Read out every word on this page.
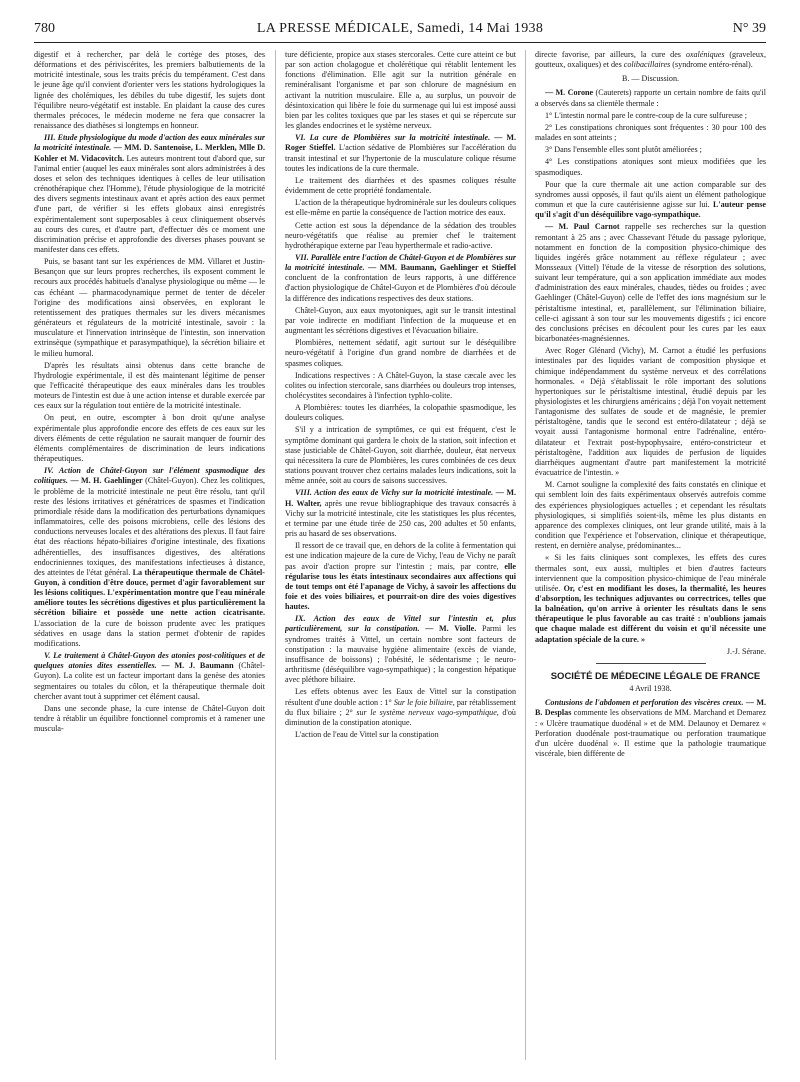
780	LA PRESSE MÉDICALE, Samedi, 14 Mai 1938	N° 39

digestif et à rechercher, par delà le cortège des ptoses, des déformations et des périviscérites, les premiers balbutiements de la motricité intestinale, sous les traits précis du tempérament. C'est dans le jeune âge qu'il convient d'orienter vers les stations hydrologiques la lignée des cholémiques, les débiles du tube digestif, les sujets dont l'équilibre neuro-végétatif est instable. En plaidant la cause des cures thermales précoces, le médecin moderne ne fera que consacrer la renaissance des diathèses si longtemps en honneur.

III. Etude physiologique du mode d'action des eaux minérales sur la motricité intestinale. — MM. D. Santenoise, L. Merklen, Mlle D. Kohler et M. Vidacovitch. Les auteurs montrent tout d'abord que, sur l'animal entier (auquel les eaux minérales sont alors administrées à des doses et selon des techniques identiques à celles de leur utilisation crénothérapique chez l'Homme), l'étude physiologique de la motricité des divers segments intestinaux avant et après action des eaux permet d'une part, de vérifier si les effets globaux ainsi enregistrés expérimentalement sont superposables à ceux cliniquement observés au cours des cures, et d'autre part, d'effectuer dès ce moment une discrimination précise et approfondie des diverses phases pouvant se manifester dans ces effets.

Puis, se basant tant sur les expériences de MM. Villaret et Justin-Besançon que sur leurs propres recherches, ils exposent comment le recours aux procédés habituels d'analyse physiologique ou même — le cas échéant — pharmacodynamique permet de tenter de déceler l'origine des modifications ainsi observées, en explorant le retentissement des pratiques thermales sur les divers mécanismes générateurs et régulateurs de la motricité intestinale, savoir : la musculature et l'innervation intrinsèque de l'intestin, son innervation extrinsèque (sympathique et parasympathique), la sécrétion biliaire et le milieu humoral.

D'après les résultats ainsi obtenus dans cette branche de l'hydrologie expérimentale, il est dès maintenant légitime de penser que l'efficacité thérapeutique des eaux minérales dans les troubles moteurs de l'intestin est due à une action intense et durable exercée par ces eaux sur la régulation tout entière de la motricité intestinale.

On peut, en outre, escompter à bon droit qu'une analyse expérimentale plus approfondie encore des effets de ces eaux sur les divers éléments de cette régulation ne saurait manquer de fournir des éléments complémentaires de discrimination de leurs indications thérapeutiques.

IV. Action de Châtel-Guyon sur l'élément spasmodique des colitiques. — M. H. Gaehlinger (Châtel-Guyon). Chez les colitiques, le problème de la motricité intestinale ne peut être résolu, tant qu'il reste des lésions irritatives et génératrices de spasmes et l'indication primordiale réside dans la modification des perturbations dynamiques inflammatoires, celle des poisons microbiens, celle des lésions des conductions nerveuses locales et des altérations des plexus. Il faut faire état des réactions hépato-biliaires d'origine intestinale, des fixations adhérentielles, des insuffisances digestives, des altérations endocriniennes toxiques, des manifestations infectieuses à distance, des atteintes de l'état général. La thérapeutique thermale de Châtel-Guyon, à condition d'être douce, permet d'agir favorablement sur les lésions colitiques. L'expérimentation montre que l'eau minérale améliore toutes les sécrétions digestives et plus particulièrement la sécrétion biliaire et possède une nette action cicatrisante. L'association de la cure de boisson prudente avec les pratiques sédatives en usage dans la station permet d'obtenir de rapides modifications.

V. Le traitement à Châtel-Guyon des atonies post-colitiques et de quelques atonies dites essentielles. — M. J. Baumann (Châtel-Guyon). La colite est un facteur important dans la genèse des atonies segmentaires ou totales du côlon, et la thérapeutique thermale doit chercher avant tout à supprimer cet élément causal.

Dans une seconde phase, la cure intense de Châtel-Guyon doit tendre à rétablir un équilibre fonctionnel compromis et à ramener une muscula-

ture déficiente, propice aux stases stercorales. Cette cure atteint ce but par son action cholagogue et cholérétique qui rétablit lentement les fonctions d'élimination. Elle agit sur la nutrition générale en reminéralisant l'organisme et par son chlorure de magnésium en activant la nutrition musculaire. Elle a, au surplus, un pouvoir de désintoxication qui libère le foie du surmenage qui lui est imposé aussi bien par les colites toxiques que par les stases et qui se répercute sur les glandes endocrines et le système nerveux.

VI. La cure de Plombières sur la motricité intestinale. — M. Roger Stieffel. L'action sédative de Plombières sur l'accélération du transit intestinal et sur l'hypertonie de la musculature colique résume toutes les indications de la cure thermale.

Le traitement des diarrhées et des spasmes coliques résulte évidemment de cette propriété fondamentale.

L'action de la thérapeutique hydrominérale sur les douleurs coliques est elle-même en partie la conséquence de l'action motrice des eaux.

Cette action est sous la dépendance de la sédation des troubles neuro-végétatifs que réalise au premier chef le traitement hydrothérapique externe par l'eau hyperthermale et radio-active.

VII. Parallèle entre l'action de Châtel-Guyon et de Plombières sur la motricité intestinale. — MM. Baumann, Gaehlinger et Stieffel concluent de la confrontation de leurs rapports, à une différence d'action physiologique de Châtel-Guyon et de Plombières d'où découle la différence des indications respectives des deux stations.

Châtel-Guyon, aux eaux myotoniques, agit sur le transit intestinal par voie indirecte en modifiant l'infection de la muqueuse et en augmentant les sécrétions digestives et l'évacuation biliaire.

Plombières, nettement sédatif, agit surtout sur le déséquilibre neuro-végétatif à l'origine d'un grand nombre de diarrhées et de spasmes coliques.

Indications respectives : A Châtel-Guyon, la stase cæcale avec les colites ou infection stercorale, sans diarrhées ou douleurs trop intenses, cholécystites secondaires à l'infection typhlo-colite.

A Plombières: toutes les diarrhées, la colopathie spasmodique, les douleurs coliques.

S'il y a intrication de symptômes, ce qui est fréquent, c'est le symptôme dominant qui gardera le choix de la station, soit infection et stase justiciable de Châtel-Guyon, soit diarrhée, douleur, état nerveux qui nécessitera la cure de Plombières, les cures combinées de ces deux stations pouvant trouver chez certains malades leurs indications, soit la même année, soit au cours de saisons successives.

VIII. Action des eaux de Vichy sur la motricité intestinale. — M. H. Walter, après une revue bibliographique des travaux consacrés à Vichy sur la motricité intestinale, cite les statistiques les plus récentes, et termine par une étude tirée de 250 cas, 200 adultes et 50 enfants, pris au hasard de ses observations.

Il ressort de ce travail que, en dehors de la colite à fermentation qui est une indication majeure de la cure de Vichy, l'eau de Vichy ne paraît pas avoir d'action propre sur l'intestin ; mais, par contre, elle régularise tous les états intestinaux secondaires aux affections qui de tout temps ont été l'apanage de Vichy, à savoir les affections du foie et des voies biliaires, et pourrait-on dire des voies digestives hautes.

IX. Action des eaux de Vittel sur l'intestin et, plus particulièrement, sur la constipation. — M. Violle. Parmi les syndromes traités à Vittel, un certain nombre sont facteurs de constipation : la mauvaise hygiène alimentaire (excès de viande, insuffisance de boissons) ; l'obésité, le sédentarisme ; le neuro-arthritisme (déséquilibre vago-sympathique) ; la congestion hépatique avec pléthore biliaire.

Les effets obtenus avec les Eaux de Vittel sur la constipation résultent d'une double action : 1° Sur le foie biliaire, par rétablissement du flux biliaire ; 2° sur le système nerveux vago-sympathique, d'où diminution de la constipation atonique.

L'action de l'eau de Vittel sur la constipation

directe favorise, par ailleurs, la cure des oxaléniques (graveleux, goutteux, oxaliques) et des colibacillaires (syndrome entéro-rénal).

B. — Discussion.

— M. Corone (Cauterets) rapporte un certain nombre de faits qu'il a observés dans sa clientèle thermale :

1° L'intestin normal pare le contre-coup de la cure sulfureuse ;

2° Les constipations chroniques sont fréquentes : 30 pour 100 des malades en sont atteints ;

3° Dans l'ensemble elles sont plutôt améliorées ;

4° Les constipations atoniques sont mieux modifiées que les spasmodiques.

Pour que la cure thermale ait une action comparable sur des syndromes aussi opposés, il faut qu'ils aient un élément pathologique commun et que la cure cautérisienne agisse sur lui. L'auteur pense qu'il s'agit d'un déséquilibre vago-sympathique.

— M. Paul Carnot rappelle ses recherches sur la question remontant à 25 ans ; avec Chassevant l'étude du passage pylorique, notamment en fonction de la composition physico-chimique des liquides ingérés grâce notamment au réflexe régulateur ; avec Monsseaux (Vittel) l'étude de la vitesse de résorption des solutions, suivant leur température, qui a son application immédiate aux modes d'administration des eaux minérales, chaudes, tièdes ou froides ; avec Gaehlinger (Châtel-Guyon) celle de l'effet des ions magnésium sur le péristaltisme intestinal, et, parallèlement, sur l'élimination biliaire, celle-ci agissant à son tour sur les mouvements digestifs ; ici encore des conclusions précises en découlent pour les cures par les eaux bicarbonatées-magnésiennes.

Avec Roger Glénard (Vichy), M. Carnot a étudié les perfusions intestinales par des liquides variant de composition physique et chimique indépendamment du système nerveux et des corrélations hormonales. « Déjà s'établissait le rôle important des solutions hypertoniques sur le péristaltisme intestinal, étudié depuis par les physiologistes et les chirurgiens américains ; déjà l'on voyait nettement l'antagonisme des sulfates de soude et de magnésie, le premier péristaltogène, tandis que le second est entéro-dilatateur ; déjà se voyait aussi l'antagonisme hormonal entre l'adrénaline, entéro-dilatateur et l'extrait post-hypophysaire, entéro-constricteur et péristaltogène, l'addition aux liquides de perfusion de liquides diarrhéiques augmentant d'autre part manifestement la motricité évacuatrice de l'intestin. »

M. Carnot souligne la complexité des faits constatés en clinique et qui semblent loin des faits expérimentaux observés autrefois comme des expériences physiologiques actuelles ; et cependant les résultats physiologiques, si simplifiés soient-ils, même les plus distants en apparence des complexes cliniques, ont leur grande utilité, mais à la condition que l'expérience et l'observation, clinique et thérapeutique, restent, en dernière analyse, prédominantes...

« Si les faits cliniques sont complexes, les effets des cures thermales sont, eux aussi, multiples et bien d'autres facteurs interviennent que la composition physico-chimique de l'eau minérale utilisée. Or, c'est en modifiant les doses, la thermalité, les heures d'absorption, les techniques adjuvantes ou correctrices, telles que la balnéation, qu'on arrive à orienter les résultats dans le sens thérapeutique le plus favorable au cas traité : n'oublions jamais que chaque malade est différent du voisin et qu'il nécessite une adaptation spéciale de la cure. »

J.-J. Sérane.

SOCIÉTÉ DE MÉDECINE LÉGALE DE FRANCE

4 Avril 1938.

Contusions de l'abdomen et perforation des viscères creux. — M. B. Desplas commente les observations de MM. Marchand et Demarez : « Ulcère traumatique duodénal » et de MM. Delaunoy et Demarez « Perforation duodénale post-traumatique ou perforation traumatique d'un ulcère duodénal ». Il estime que la pathologie traumatique viscérale, bien différente de
